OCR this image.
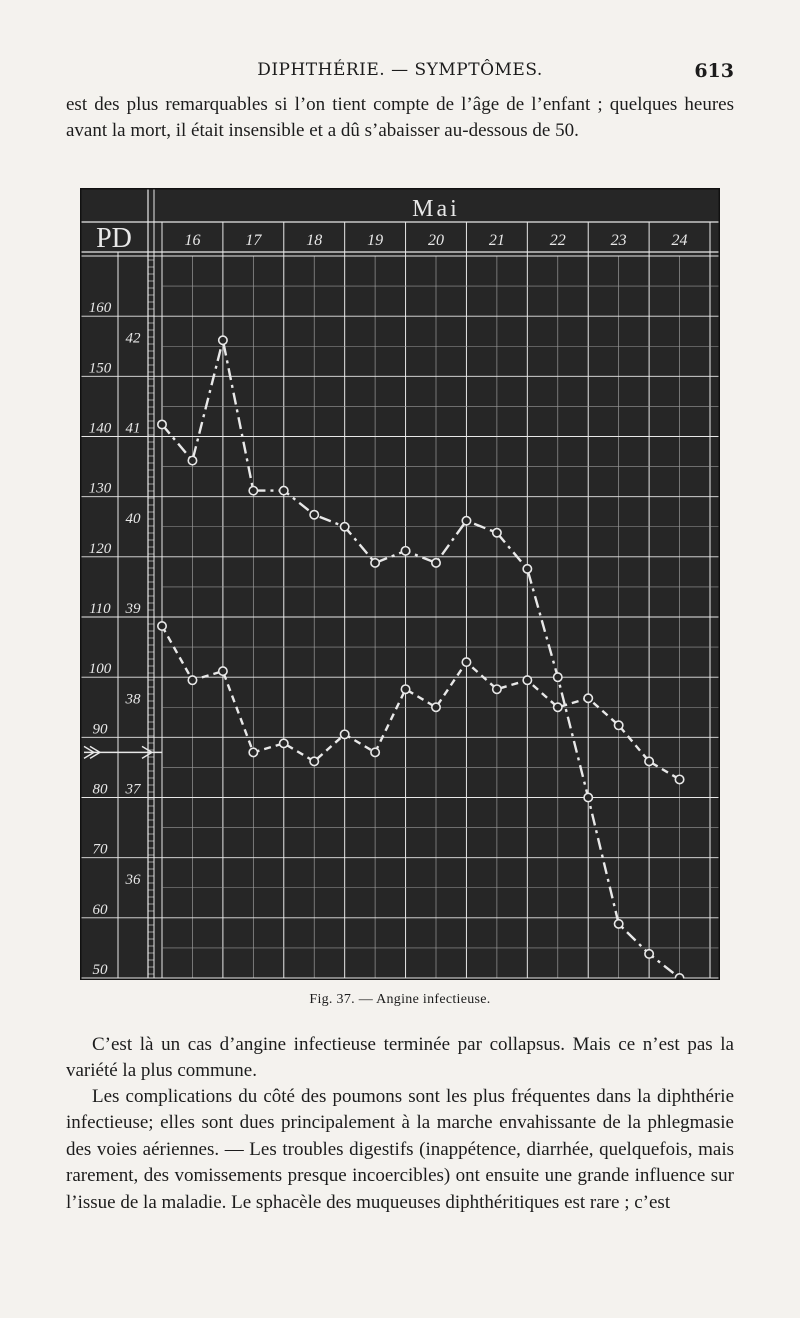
DIPHTHÉRIE. — SYMPTÔMES.	613

est des plus remarquables si l’on tient compte de l’âge de l’enfant ; quelques heures avant la mort, il était insensible et a dû s’abaisser au-dessous de 50.

Mai
PD	16	17	18	19	20	21	22	23	24
160
150
140
130
120
110
100
90
80
70
60
50
42
41
40
39
38
37
36
Fig. 37. — Angine infectieuse.

C’est là un cas d’angine infectieuse terminée par collapsus. Mais ce n’est pas la variété la plus commune.

Les complications du côté des poumons sont les plus fréquentes dans la diphthérie infectieuse; elles sont dues principalement à la marche envahissante de la phlegmasie des voies aériennes. — Les troubles digestifs (inappétence, diarrhée, quelquefois, mais rarement, des vomissements presque incoercibles) ont ensuite une grande influence sur l’issue de la maladie. Le sphacèle des muqueuses diphthéritiques est rare ; c’est
